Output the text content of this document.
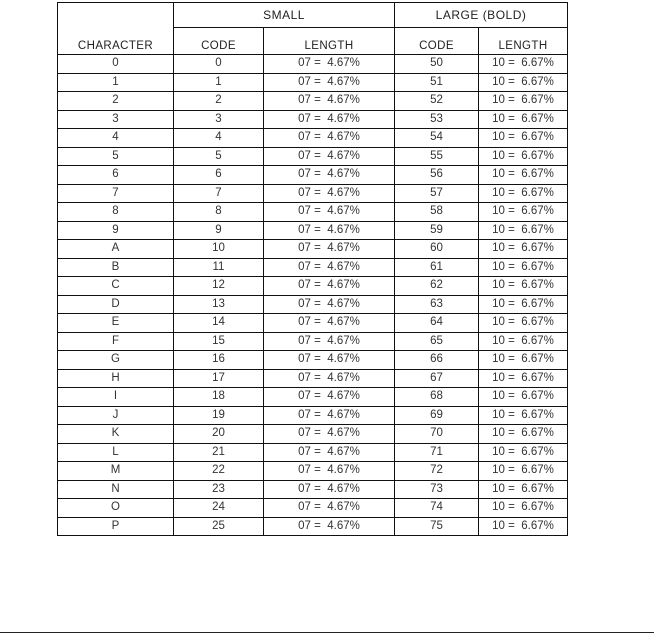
	SMALL		LARGE (BOLD)	
CHARACTER	CODE	LENGTH	CODE	LENGTH
0	0	07 =  4.67%	50	10 =  6.67%
1	1	07 =  4.67%	51	10 =  6.67%
2	2	07 =  4.67%	52	10 =  6.67%
3	3	07 =  4.67%	53	10 =  6.67%
4	4	07 =  4.67%	54	10 =  6.67%
5	5	07 =  4.67%	55	10 =  6.67%
6	6	07 =  4.67%	56	10 =  6.67%
7	7	07 =  4.67%	57	10 =  6.67%
8	8	07 =  4.67%	58	10 =  6.67%
9	9	07 =  4.67%	59	10 =  6.67%
A	10	07 =  4.67%	60	10 =  6.67%
B	11	07 =  4.67%	61	10 =  6.67%
C	12	07 =  4.67%	62	10 =  6.67%
D	13	07 =  4.67%	63	10 =  6.67%
E	14	07 =  4.67%	64	10 =  6.67%
F	15	07 =  4.67%	65	10 =  6.67%
G	16	07 =  4.67%	66	10 =  6.67%
H	17	07 =  4.67%	67	10 =  6.67%
I	18	07 =  4.67%	68	10 =  6.67%
J	19	07 =  4.67%	69	10 =  6.67%
K	20	07 =  4.67%	70	10 =  6.67%
L	21	07 =  4.67%	71	10 =  6.67%
M	22	07 =  4.67%	72	10 =  6.67%
N	23	07 =  4.67%	73	10 =  6.67%
O	24	07 =  4.67%	74	10 =  6.67%
P	25	07 =  4.67%	75	10 =  6.67%
